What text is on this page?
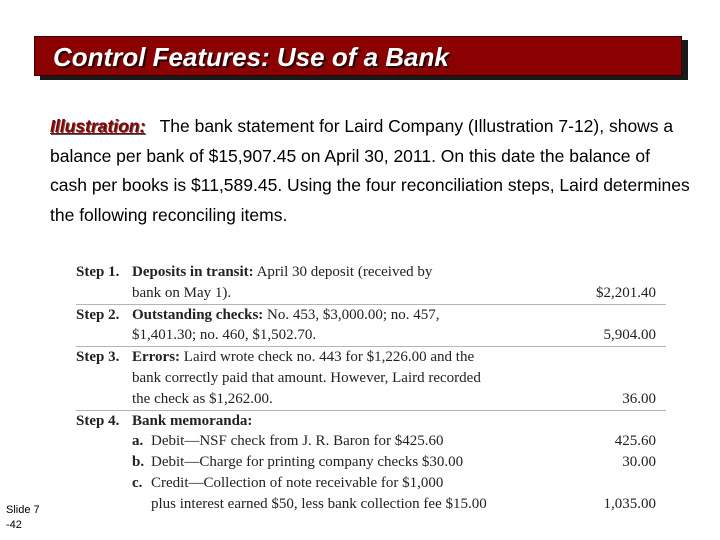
Control Features: Use of a Bank
Illustration: The bank statement for Laird Company (Illustration 7-12), shows a balance per bank of $15,907.45 on April 30, 2011. On this date the balance of cash per books is $11,589.45. Using the four reconciliation steps, Laird determines the following reconciling items.
Step 1. Deposits in transit: April 30 deposit (received by
bank on May 1).	$2,201.40
Step 2. Outstanding checks: No. 453, $3,000.00; no. 457,
$1,401.30; no. 460, $1,502.70.	5,904.00
Step 3. Errors: Laird wrote check no. 443 for $1,226.00 and the
bank correctly paid that amount. However, Laird recorded
the check as $1,262.00.	36.00
Step 4. Bank memoranda:
a. Debit—NSF check from J. R. Baron for $425.60	425.60
b. Debit—Charge for printing company checks $30.00	30.00
c. Credit—Collection of note receivable for $1,000
plus interest earned $50, less bank collection fee $15.00	1,035.00
Slide 7
-42
